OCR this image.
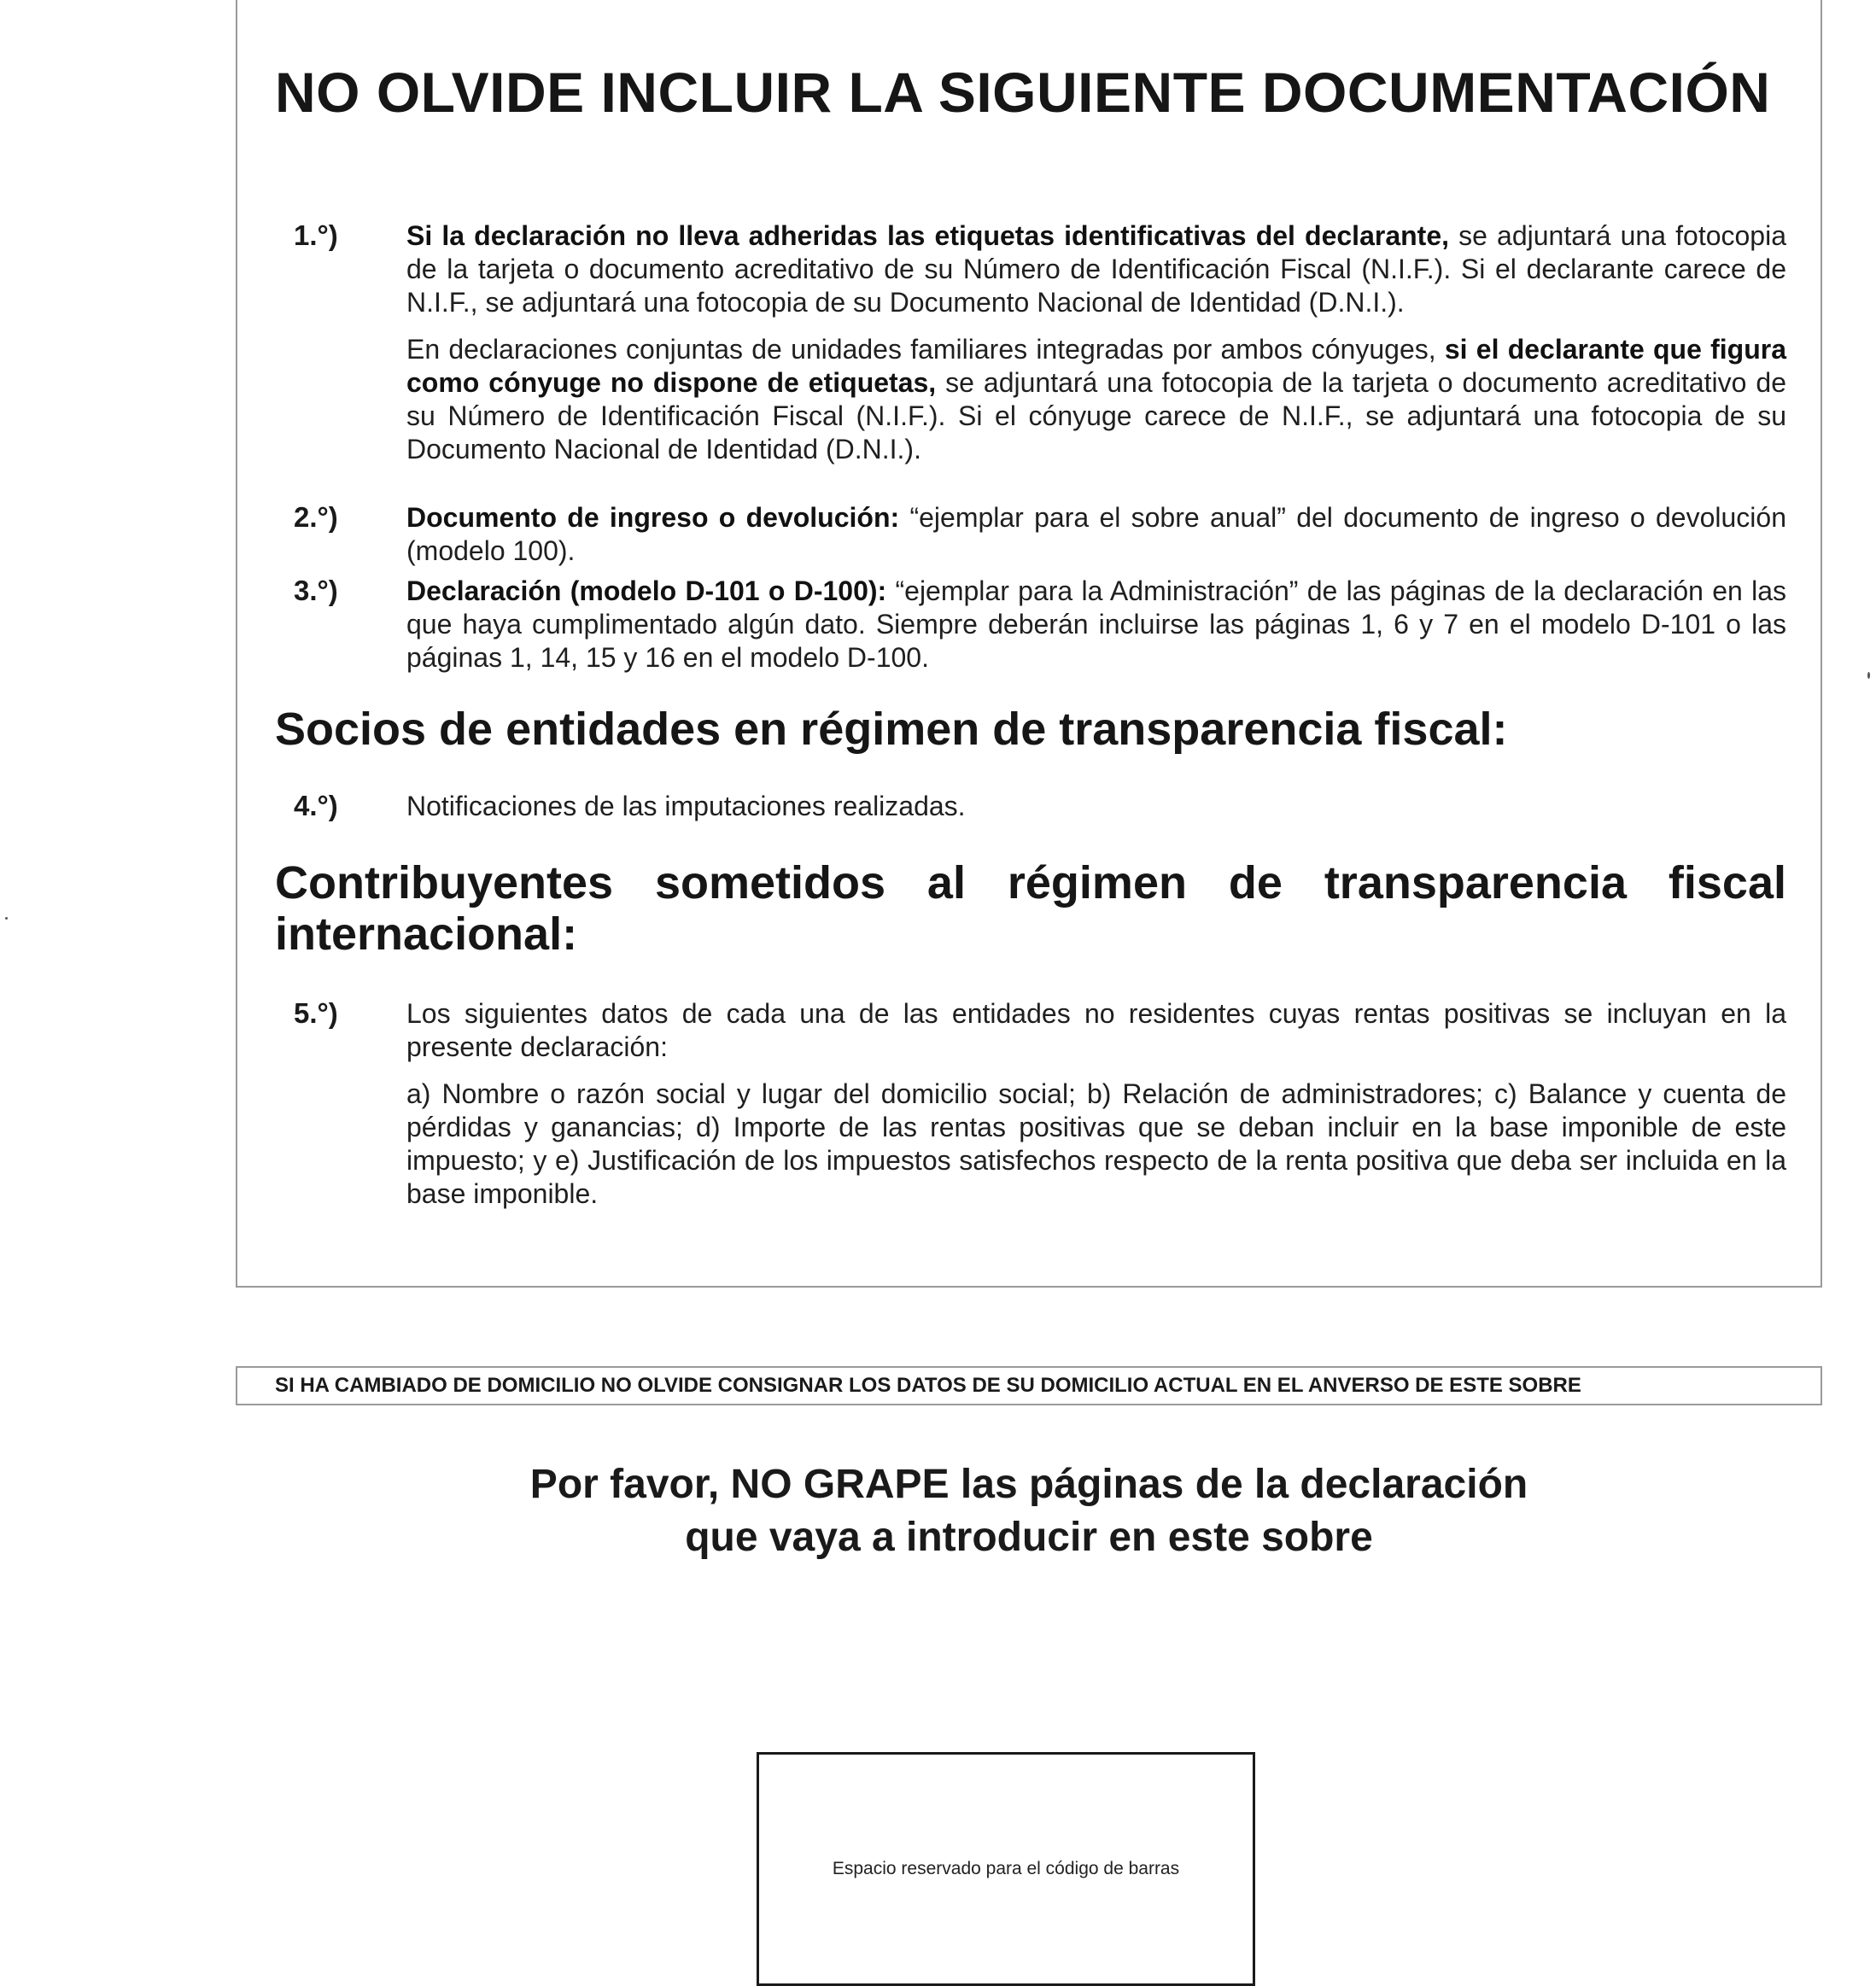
NO OLVIDE INCLUIR LA SIGUIENTE DOCUMENTACIÓN
1.°)	Si la declaración no lleva adheridas las etiquetas identificativas del declarante, se adjuntará una fotocopia de la tarjeta o documento acreditativo de su Número de Identificación Fiscal (N.I.F.). Si el declarante carece de N.I.F., se adjuntará una fotocopia de su Documento Nacional de Identidad (D.N.I.).

En declaraciones conjuntas de unidades familiares integradas por ambos cónyuges, si el declarante que figura como cónyuge no dispone de etiquetas, se adjuntará una fotocopia de la tarjeta o documento acreditativo de su Número de Identificación Fiscal (N.I.F.). Si el cónyuge carece de N.I.F., se adjuntará una fotocopia de su Documento Nacional de Identidad (D.N.I.).

2.°)	Documento de ingreso o devolución: “ejemplar para el sobre anual” del documento de ingreso o devolución (modelo 100).

3.°)	Declaración (modelo D-101 o D-100): “ejemplar para la Administración” de las páginas de la declaración en las que haya cumplimentado algún dato. Siempre deberán incluirse las páginas 1, 6 y 7 en el modelo D-101 o las páginas 1, 14, 15 y 16 en el modelo D-100.

Socios de entidades en régimen de transparencia fiscal:
4.°)	Notificaciones de las imputaciones realizadas.

Contribuyentes sometidos al régimen de transparencia fiscal internacional:
5.°)	Los siguientes datos de cada una de las entidades no residentes cuyas rentas positivas se incluyan en la presente declaración:

a) Nombre o razón social y lugar del domicilio social; b) Relación de administradores; c) Balance y cuenta de pérdidas y ganancias; d) Importe de las rentas positivas que se deban incluir en la base imponible de este impuesto; y e) Justificación de los impuestos satisfechos respecto de la renta positiva que deba ser incluida en la base imponible.

SI HA CAMBIADO DE DOMICILIO NO OLVIDE CONSIGNAR LOS DATOS DE SU DOMICILIO ACTUAL EN EL ANVERSO DE ESTE SOBRE
Por favor, NO GRAPE las páginas de la declaración
que vaya a introducir en este sobre
Espacio reservado para el código de barras
